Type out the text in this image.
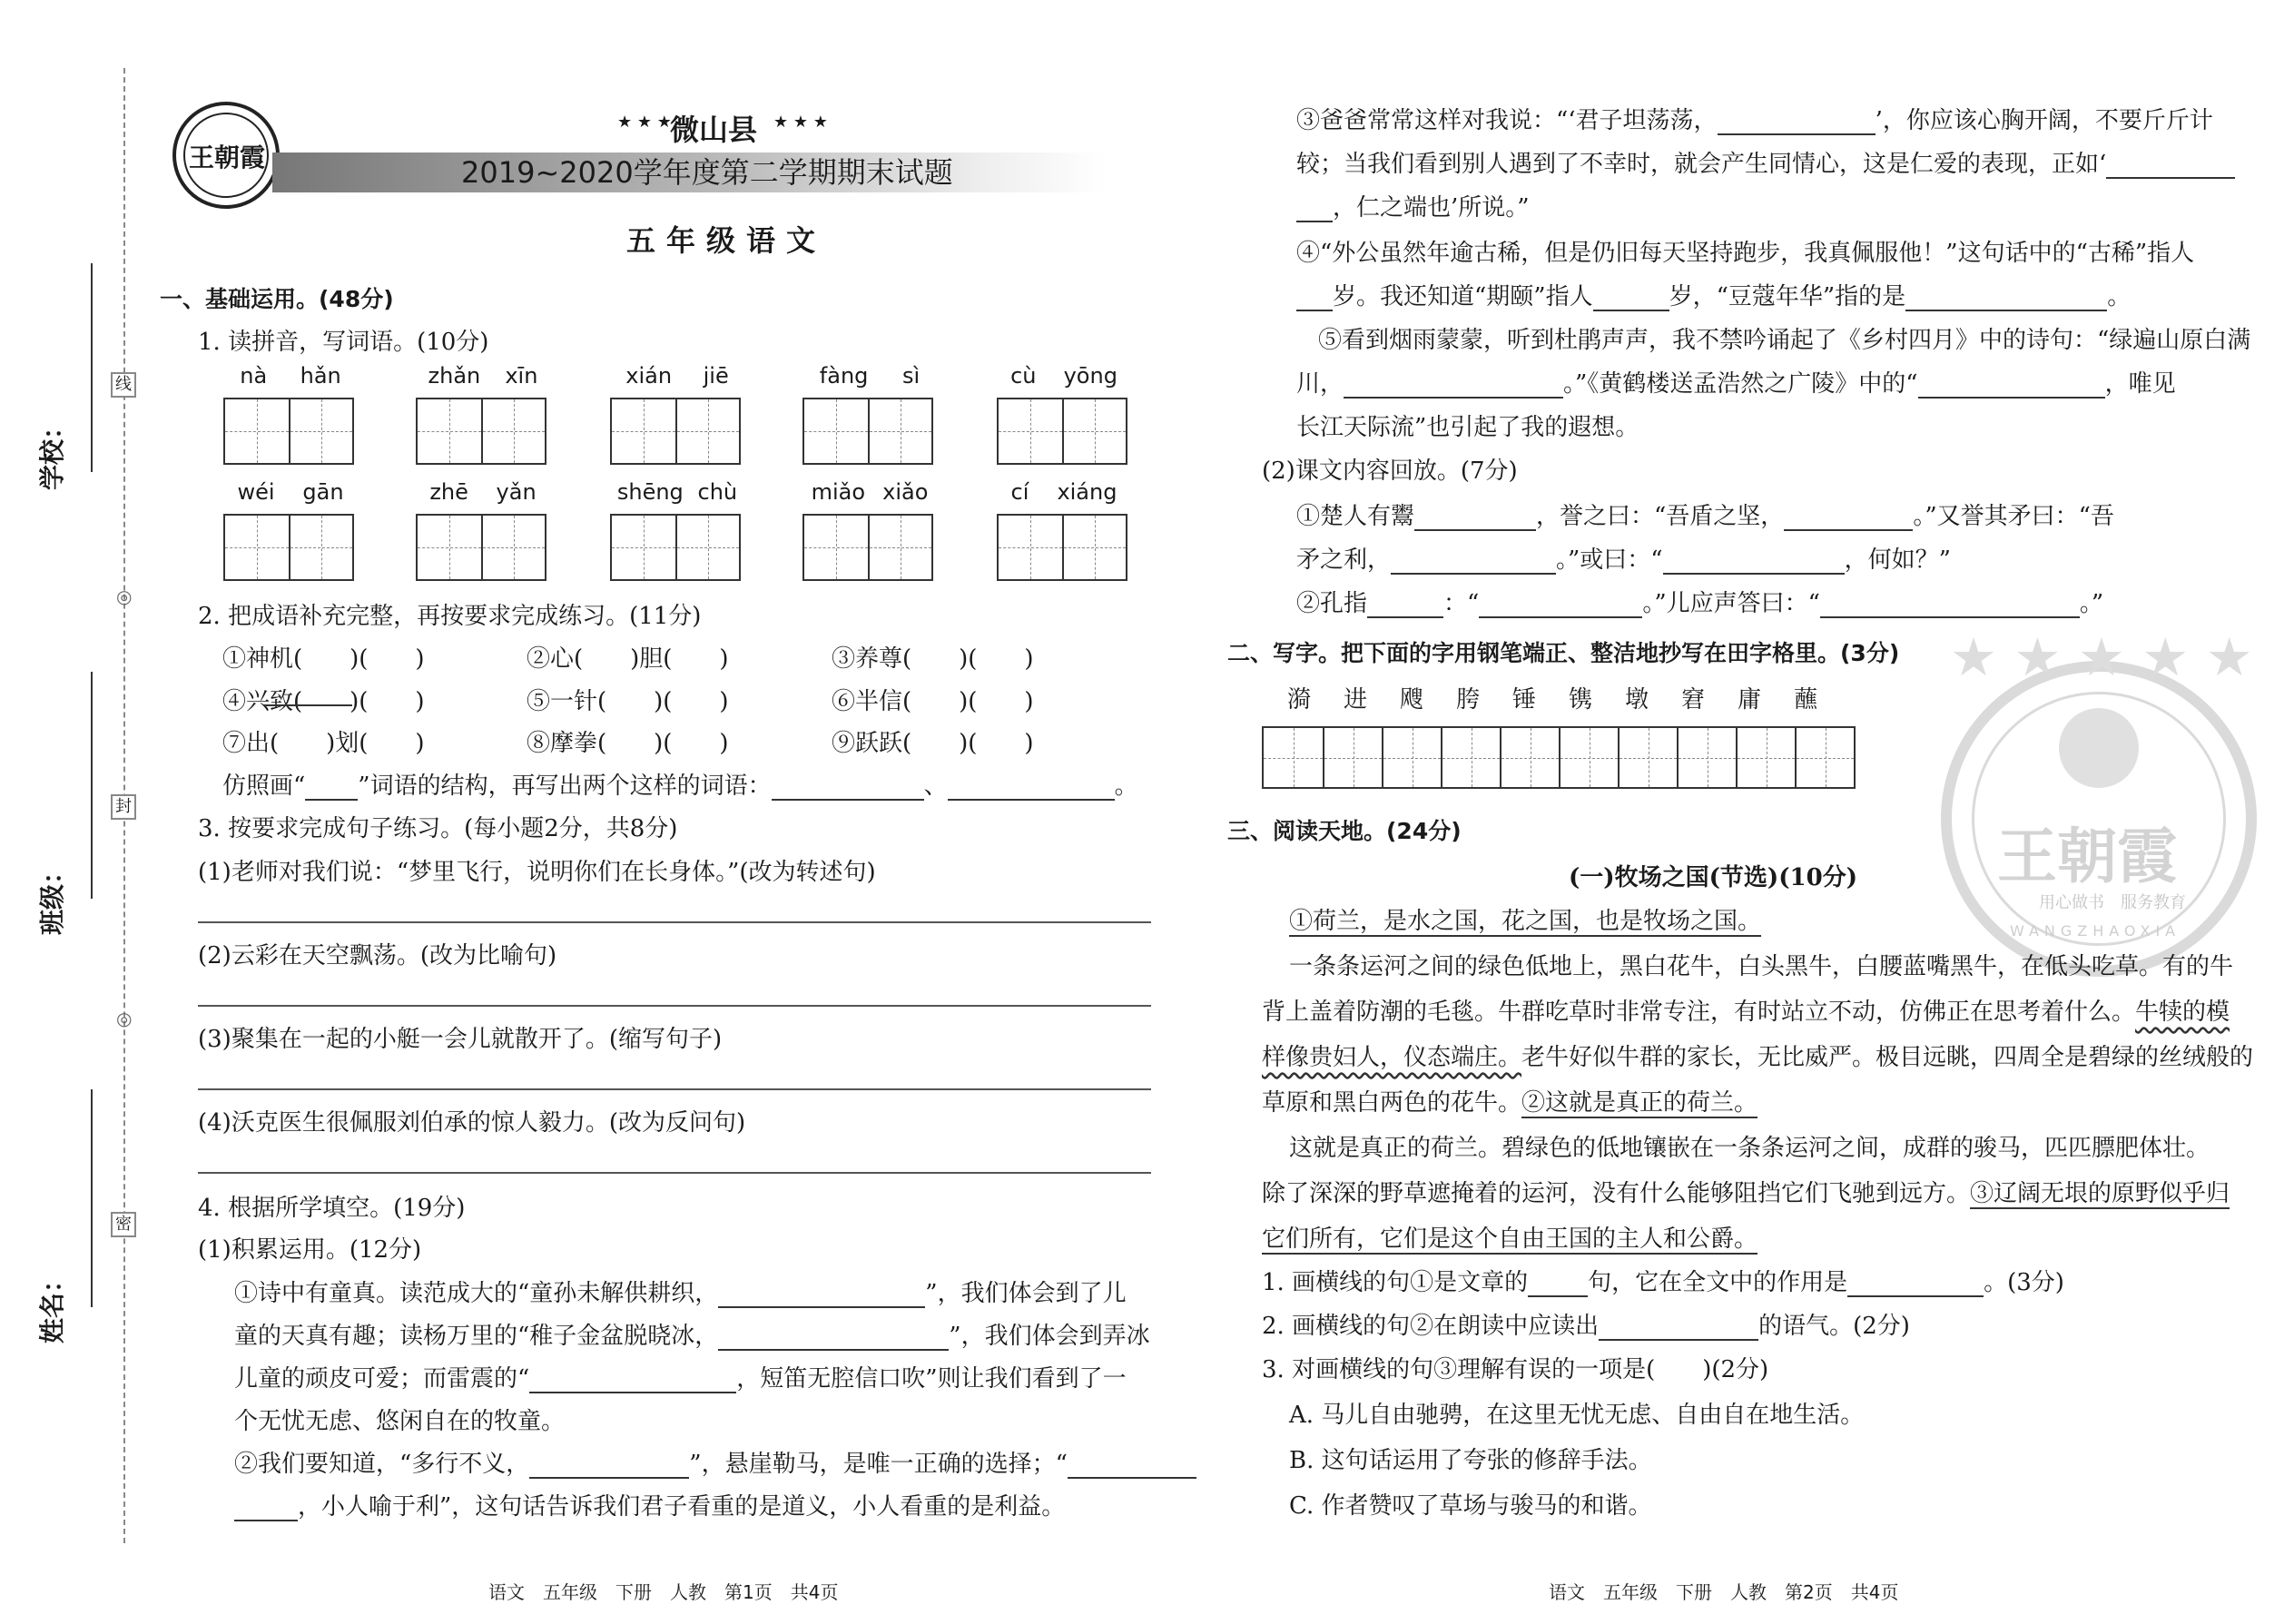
线
封
密
◎
◎
学校：
班级：
姓名：
王朝霞
★ ★ ★
微山县 ★ ★ ★
2019~2020学年度第二学期期末试题
五年级语文
一、基础运用。(48分)
1. 读拼音，写词语。(10分)
nà hǎn	zhǎn xīn	xián jiē	fàng sì	cù yōng
wéi gān	zhē yǎn	shēng chù	miǎo xiǎo	cí xiáng
2. 把成语补充完整，再按要求完成练习。(11分)
①神机(　　)(　　)	②心(　　)胆(　　)	③养尊(　　)(　　)
④兴致(　　)(　　)	⑤一针(　　)(　　)	⑥半信(　　)(　　)
⑦出(　　)划(　　)	⑧摩拳(　　)(　　)	⑨跃跃(　　)(　　)
仿照画“ ”词语的结构，再写出两个这样的词语：	、	。
3. 按要求完成句子练习。(每小题2分，共8分)
(1)老师对我们说：“梦里飞行，说明你们在长身体。”(改为转述句)
(2)云彩在天空飘荡。(改为比喻句)
(3)聚集在一起的小艇一会儿就散开了。(缩写句子)
(4)沃克医生很佩服刘伯承的惊人毅力。(改为反问句)
4. 根据所学填空。(19分)
(1)积累运用。(12分)
①诗中有童真。读范成大的“童孙未解供耕织，	”，我们体会到了儿
童的天真有趣；读杨万里的“稚子金盆脱晓冰，	”，我们体会到弄冰
儿童的顽皮可爱；而雷震的“	，短笛无腔信口吹”则让我们看到了一
个无忧无虑、悠闲自在的牧童。
②我们要知道，“多行不义，	”，悬崖勒马，是唯一正确的选择；“
，小人喻于利”，这句话告诉我们君子看重的是道义，小人看重的是利益。
语文　五年级　下册　人教　第1页　共4页
③爸爸常常这样对我说：“‘君子坦荡荡，	’，你应该心胸开阔，不要斤斤计
较；当我们看到别人遇到了不幸时，就会产生同情心，这是仁爱的表现，正如‘
，仁之端也’所说。”
④“外公虽然年逾古稀，但是仍旧每天坚持跑步，我真佩服他！”这句话中的“古稀”指人
岁。我还知道“期颐”指人	岁，“豆蔻年华”指的是	。
⑤看到烟雨蒙蒙，听到杜鹃声声，我不禁吟诵起了《乡村四月》中的诗句：“绿遍山原白满
川，	。”《黄鹤楼送孟浩然之广陵》中的“	，唯见
长江天际流”也引起了我的遐想。
(2)课文内容回放。(7分)
①楚人有鬻	，誉之曰：“吾盾之坚，	。”又誉其矛曰：“吾
矛之利，	。”或曰：“	，何如？”
②孔指	：“	。”儿应声答曰：“	。”
二、写字。把下面的字用钢笔端正、整洁地抄写在田字格里。(3分)
漪 进 飕 胯 锤 镌 墩 窘 庸 蘸
王朝霞
用心做书　服务教育
WANGZHAOXIA
★ ★ ★ ★ ★
三、阅读天地。(24分)
(一)牧场之国(节选)(10分)
①荷兰，是水之国，花之国，也是牧场之国。
一条条运河之间的绿色低地上，黑白花牛，白头黑牛，白腰蓝嘴黑牛，在低头吃草。有的牛
背上盖着防潮的毛毯。牛群吃草时非常专注，有时站立不动，仿佛正在思考着什么。牛犊的模
样像贵妇人，仪态端庄。老牛好似牛群的家长，无比威严。极目远眺，四周全是碧绿的丝绒般的
草原和黑白两色的花牛。②这就是真正的荷兰。
这就是真正的荷兰。碧绿色的低地镶嵌在一条条运河之间，成群的骏马，匹匹膘肥体壮。
除了深深的野草遮掩着的运河，没有什么能够阻挡它们飞驰到远方。③辽阔无垠的原野似乎归
它们所有，它们是这个自由王国的主人和公爵。
1. 画横线的句①是文章的	句，它在全文中的作用是	。(3分)
2. 画横线的句②在朗读中应读出	的语气。(2分)
3. 对画横线的句③理解有误的一项是(　　)(2分)
A. 马儿自由驰骋，在这里无忧无虑、自由自在地生活。
B. 这句话运用了夸张的修辞手法。
C. 作者赞叹了草场与骏马的和谐。
语文　五年级　下册　人教　第2页　共4页
